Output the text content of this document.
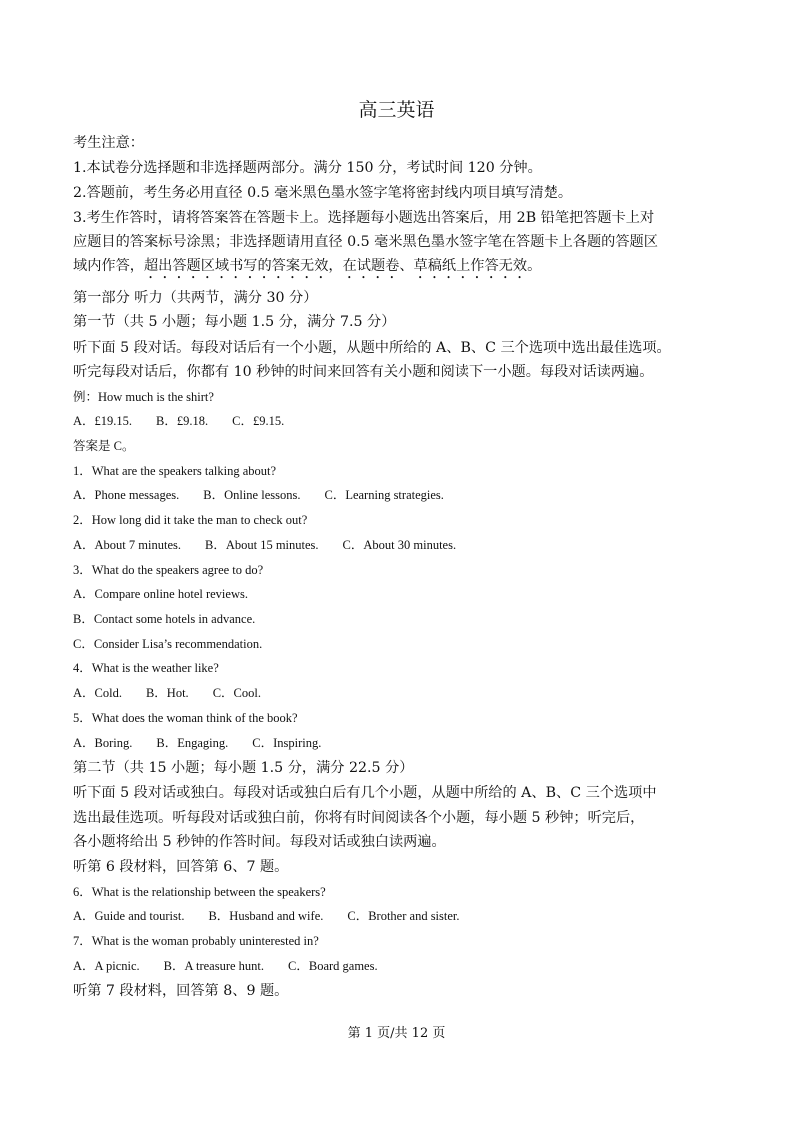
高三英语
考生注意：
1.本试卷分选择题和非选择题两部分。满分 150 分，考试时间 120 分钟。
2.答题前，考生务必用直径 0.5 毫米黑色墨水签字笔将密封线内项目填写清楚。
3.考生作答时，请将答案答在答题卡上。选择题每小题选出答案后，用 2B 铅笔把答题卡上对
应题目的答案标号涂黑；非选择题请用直径 0.5 毫米黑色墨水签字笔在答题卡上各题的答题区
域内作答，超出答题区域书写的答案无效，在试题卷、草稿纸上作答无效。
第一部分 听力（共两节，满分 30 分）
第一节（共 5 小题；每小题 1.5 分，满分 7.5 分）
听下面 5 段对话。每段对话后有一个小题，从题中所给的 A、B、C 三个选项中选出最佳选项。
听完每段对话后，你都有 10 秒钟的时间来回答有关小题和阅读下一小题。每段对话读两遍。
例：How much is the shirt?
A．£19.15. B．£9.18. C．£9.15.
答案是 C。
1．What are the speakers talking about?
A．Phone messages. B．Online lessons. C．Learning strategies.
2．How long did it take the man to check out?
A．About 7 minutes. B．About 15 minutes. C．About 30 minutes.
3．What do the speakers agree to do?
A．Compare online hotel reviews.
B．Contact some hotels in advance.
C．Consider Lisa’s recommendation.
4．What is the weather like?
A．Cold. B．Hot. C．Cool.
5．What does the woman think of the book?
A．Boring. B．Engaging. C．Inspiring.
第二节（共 15 小题；每小题 1.5 分，满分 22.5 分）
听下面 5 段对话或独白。每段对话或独白后有几个小题，从题中所给的 A、B、C 三个选项中
选出最佳选项。听每段对话或独白前，你将有时间阅读各个小题，每小题 5 秒钟；听完后，
各小题将给出 5 秒钟的作答时间。每段对话或独白读两遍。
听第 6 段材料，回答第 6、7 题。
6．What is the relationship between the speakers?
A．Guide and tourist. B．Husband and wife. C．Brother and sister.
7．What is the woman probably uninterested in?
A．A picnic. B．A treasure hunt. C．Board games.
听第 7 段材料，回答第 8、9 题。
第 1 页/共 12 页
